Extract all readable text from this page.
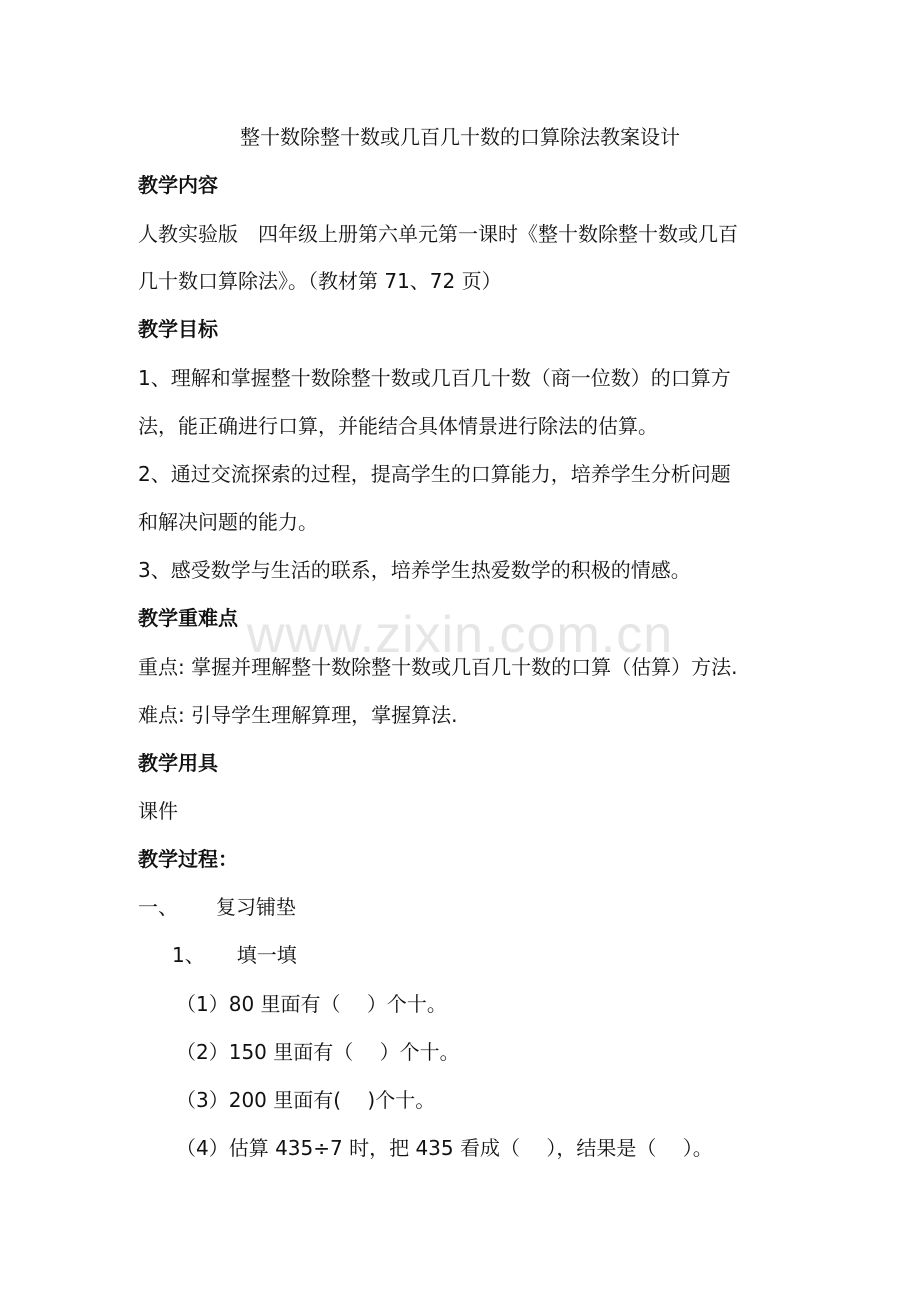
www.zixin.com.cn
整十数除整十数或几百几十数的口算除法教案设计
教学内容
人教实验版　四年级上册第六单元第一课时《整十数除整十数或几百
几十数口算除法》。（教材第 71、72 页）
教学目标
1、理解和掌握整十数除整十数或几百几十数（商一位数）的口算方
法，能正确进行口算，并能结合具体情景进行除法的估算。
2、通过交流探索的过程，提高学生的口算能力，培养学生分析问题
和解决问题的能力。
3、感受数学与生活的联系，培养学生热爱数学的积极的情感。
教学重难点
重点: 掌握并理解整十数除整十数或几百几十数的口算（估算）方法.
难点: 引导学生理解算理，掌握算法.
教学用具
课件
教学过程：
一、 复习铺垫
1、 填一填
（1）80 里面有（　 ）个十。
（2）150 里面有（　 ）个十。
（3）200 里面有(　 )个十。
（4）估算 435÷7 时，把 435 看成（　 ），结果是（　 ）。
